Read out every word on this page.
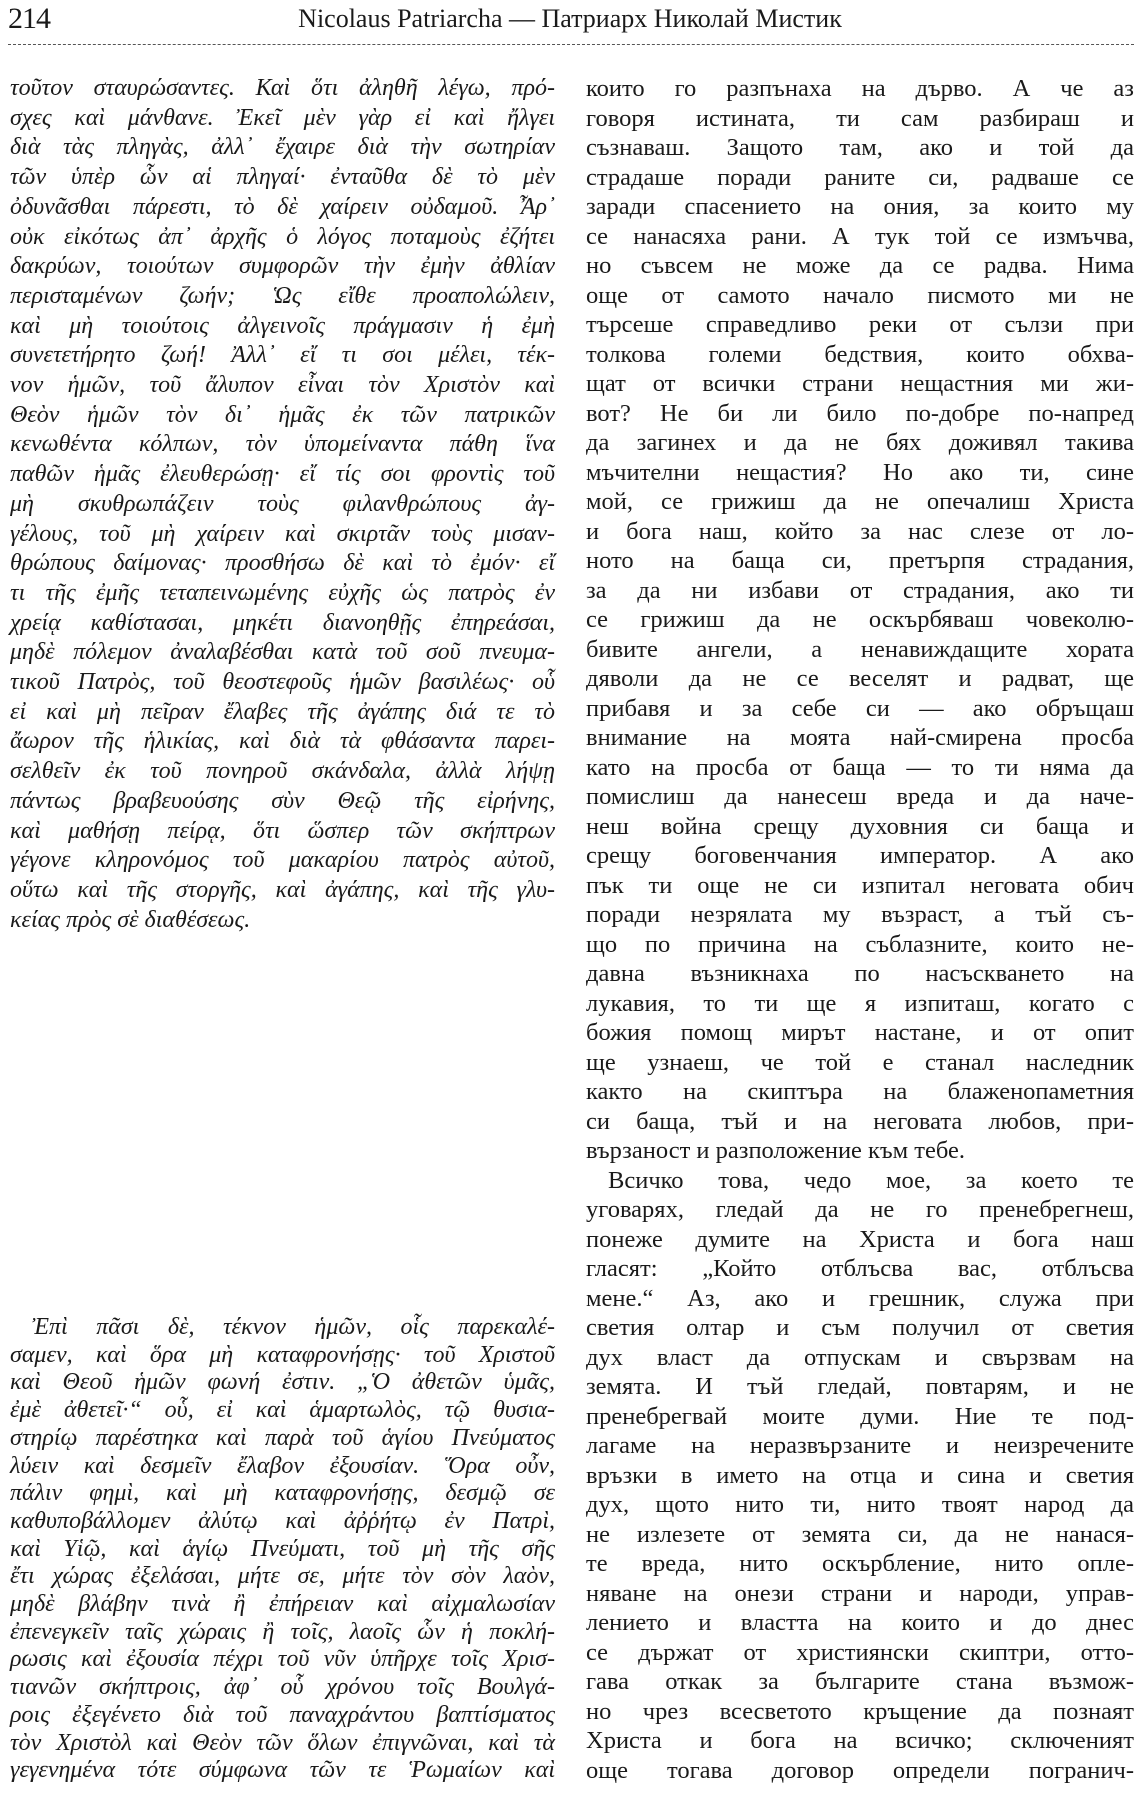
214	Nicolaus Patriarcha — Патриарх Николай Мистик
τοῦτον σταυρώσαντες. Καὶ ὅτι ἀληθῆ λέγω, πρό-
σχες καὶ μάνθανε. Ἐκεῖ μὲν γὰρ εἰ καὶ ἤλγει
διὰ τὰς πληγὰς, ἀλλ᾽ ἔχαιρε διὰ τὴν σωτηρίαν
τῶν ὑπὲρ ὧν αἱ πληγαί· ἐνταῦθα δὲ τὸ μὲν
ὀδυνᾶσθαι πάρεστι, τὸ δὲ χαίρειν οὐδαμοῦ. Ἆρ᾽
οὐκ εἰκότως ἀπ᾽ ἀρχῆς ὁ λόγος ποταμοὺς ἐζήτει
δακρύων, τοιούτων συμφορῶν τὴν ἐμὴν ἀθλίαν
περισταμένων ζωήν; Ὡς εἴθε προαπολώλειν,
καὶ μὴ τοιούτοις ἀλγεινοῖς πράγμασιν ἡ ἐμὴ
συνετετήρητο ζωή! Ἀλλ᾽ εἴ τι σοι μέλει, τέκ-
νον ἡμῶν, τοῦ ἄλυπον εἶναι τὸν Χριστὸν καὶ
Θεὸν ἡμῶν τὸν δι᾽ ἡμᾶς ἐκ τῶν πατρικῶν
κενωθέντα κόλπων, τὸν ὑπομείναντα πάθη ἵνα
παθῶν ἡμᾶς ἐλευθερώσῃ· εἴ τίς σοι φροντὶς τοῦ
μὴ σκυθρωπάζειν τοὺς φιλανθρώπους ἀγ-
γέλους, τοῦ μὴ χαίρειν καὶ σκιρτᾶν τοὺς μισαν-
θρώπους δαίμονας· προσθήσω δὲ καὶ τὸ ἐμόν· εἴ
τι τῆς ἐμῆς τεταπεινωμένης εὐχῆς ὡς πατρὸς ἐν
χρείᾳ καθίστασαι, μηκέτι διανοηθῇς ἐπηρεάσαι,
μηδὲ πόλεμον ἀναλαβέσθαι κατὰ τοῦ σοῦ πνευμα-
τικοῦ Πατρὸς, τοῦ θεοστεφοῦς ἡμῶν βασιλέως· οὗ
εἰ καὶ μὴ πεῖραν ἔλαβες τῆς ἀγάπης διά τε τὸ
ἄωρον τῆς ἡλικίας, καὶ διὰ τὰ φθάσαντα παρει-
σελθεῖν ἐκ τοῦ πονηροῦ σκάνδαλα, ἀλλὰ λήψῃ
πάντως βραβευούσης σὺν Θεῷ τῆς εἰρήνης,
καὶ μαθήσῃ πείρᾳ, ὅτι ὥσπερ τῶν σκήπτρων
γέγονε κληρονόμος τοῦ μακαρίου πατρὸς αὐτοῦ,
οὕτω καὶ τῆς στοργῆς, καὶ ἀγάπης, καὶ τῆς γλυ-
κείας πρὸς σὲ διαθέσεως.
Ἐπὶ πᾶσι δὲ, τέκνον ἡμῶν, οἷς παρεκαλέ-
σαμεν, καὶ ὅρα μὴ καταφρονήσῃς· τοῦ Χριστοῦ
καὶ Θεοῦ ἡμῶν φωνή ἐστιν. „Ὁ ἀθετῶν ὑμᾶς,
ἐμὲ ἀθετεῖ·“ οὗ, εἰ καὶ ἁμαρτωλὸς, τῷ θυσια-
στηρίῳ παρέστηκα καὶ παρὰ τοῦ ἁγίου Πνεύματος
λύειν καὶ δεσμεῖν ἔλαβον ἐξουσίαν. Ὅρα οὖν,
πάλιν φημὶ, καὶ μὴ καταφρονήσῃς, δεσμῷ σε
καθυποβάλλομεν ἀλύτῳ καὶ ἀῤῥήτῳ ἐν Πατρὶ,
καὶ Υἱῷ, καὶ ἁγίῳ Πνεύματι, τοῦ μὴ τῆς σῆς
ἔτι χώρας ἐξελάσαι, μήτε σε, μήτε τὸν σὸν λαὸν,
μηδὲ βλάβην τινὰ ἢ ἐπήρειαν καὶ αἰχμαλωσίαν
ἐπενεγκεῖν ταῖς χώραις ἢ τοῖς, λαοῖς ὧν ἡ ποκλή-
ρωσις καὶ ἐξουσία πέχρι τοῦ νῦν ὑπῆρχε τοῖς Χρισ-
τιανῶν σκήπτροις, ἀφ᾽ οὗ χρόνου τοῖς Βουλγά-
ροις ἐξεγένετο διὰ τοῦ παναχράντου βαπτίσματος
τὸν Χριστὸλ καὶ Θεὸν τῶν ὅλων ἐπιγνῶναι, καὶ τὰ
γεγενημένα τότε σύμφωνα τῶν τε Ῥωμαίων καὶ
които го разпънаха на дърво. А че аз
говоря истината, ти сам разбираш и
съзнаваш. Защото там, ако и той да
страдаше поради раните си, радваше се
заради спасението на ония, за които му
се нанасяха рани. А тук той се измъчва,
но съвсем не може да се радва. Нима
още от самото начало писмото ми не
търсеше справедливо реки от сълзи при
толкова големи бедствия, които обхва-
щат от всички страни нещастния ми жи-
вот? Не би ли било по-добре по-напред
да загинех и да не бях доживял такива
мъчителни нещастия? Но ако ти, сине
мой, се грижиш да не опечалиш Христа
и бога наш, който за нас слезе от ло-
ното на баща си, претърпя страдания,
за да ни избави от страдания, ако ти
се грижиш да не оскърбяваш човеколю-
бивите ангели, а ненавиждащите хората
дяволи да не се веселят и радват, ще
прибавя и за себе си — ако обръщаш
внимание на моята най-смирена просба
като на просба от баща — то ти няма да
помислиш да нанесеш вреда и да наче-
неш война срещу духовния си баща и
срещу боговенчания император. А ако
пък ти още не си изпитал неговата обич
поради незрялата му възраст, а тъй съ-
що по причина на съблазните, които не-
давна възникнаха по насъскването на
лукавия, то ти ще я изпиташ, когато с
божия помощ мирът настане, и от опит
ще узнаеш, че той е станал наследник
както на скиптъра на блаженопаметния
си баща, тъй и на неговата любов, при-
вързаност и разположение към тебе.
Всичко това, чедо мое, за което те
уговарях, гледай да не го пренебрегнеш,
понеже думите на Христа и бога наш
гласят: „Който отблъсва вас, отблъсва
мене.“ Аз, ако и грешник, служа при
светия олтар и съм получил от светия
дух власт да отпускам и свързвам на
земята. И тъй гледай, повтарям, и не
пренебрегвай моите думи. Ние те под-
лагаме на неразвързаните и неизречените
връзки в името на отца и сина и светия
дух, щото нито ти, нито твоят народ да
не излезете от земята си, да не нанася-
те вреда, нито оскърбление, нито опле-
няване на онези страни и народи, управ-
лението и властта на които и до днес
се държат от християнски скиптри, отто-
гава откак за българите стана възмож-
но чрез всесветото кръщение да познаят
Христа и бога на всичко; сключеният
още тогава договор определи погранич-
